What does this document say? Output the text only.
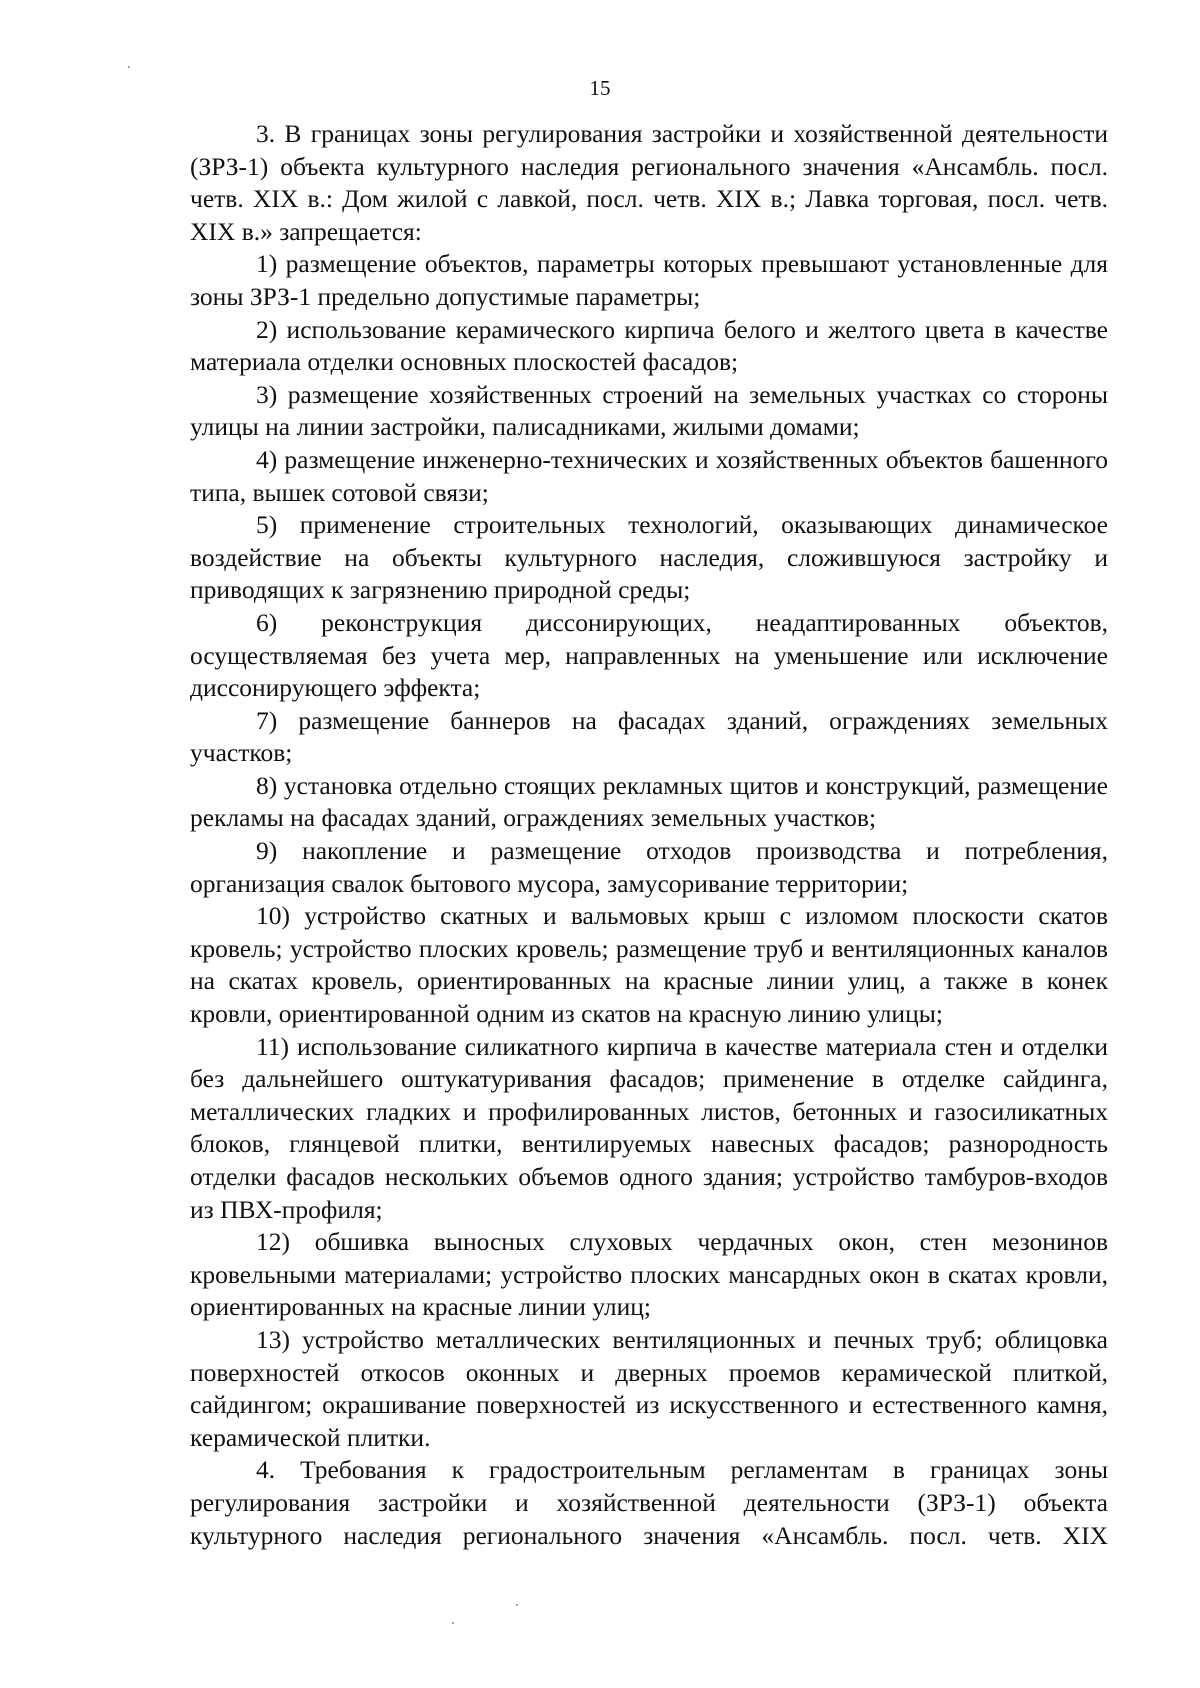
15

3. В границах зоны регулирования застройки и хозяйственной деятельности (ЗРЗ-1) объекта культурного наследия регионального значения «Ансамбль. посл. четв. XIX в.: Дом жилой с лавкой, посл. четв. XIX в.; Лавка торговая, посл. четв. XIX в.» запрещается:

1) размещение объектов, параметры которых превышают установленные для зоны ЗРЗ-1 предельно допустимые параметры;

2) использование керамического кирпича белого и желтого цвета в качестве материала отделки основных плоскостей фасадов;

3) размещение хозяйственных строений на земельных участках со стороны улицы на линии застройки, палисадниками, жилыми домами;

4) размещение инженерно-технических и хозяйственных объектов башенного типа, вышек сотовой связи;

5) применение строительных технологий, оказывающих динамическое воздействие на объекты культурного наследия, сложившуюся застройку и приводящих к загрязнению природной среды;

6) реконструкция диссонирующих, неадаптированных объектов, осуществляемая без учета мер, направленных на уменьшение или исключение диссонирующего эффекта;

7) размещение баннеров на фасадах зданий, ограждениях земельных участков;

8) установка отдельно стоящих рекламных щитов и конструкций, размещение рекламы на фасадах зданий, ограждениях земельных участков;

9) накопление и размещение отходов производства и потребления, организация свалок бытового мусора, замусоривание территории;

10) устройство скатных и вальмовых крыш с изломом плоскости скатов кровель; устройство плоских кровель; размещение труб и вентиляционных каналов на скатах кровель, ориентированных на красные линии улиц, а также в конек кровли, ориентированной одним из скатов на красную линию улицы;

11) использование силикатного кирпича в качестве материала стен и отделки без дальнейшего оштукатуривания фасадов; применение в отделке сайдинга, металлических гладких и профилированных листов, бетонных и газосиликатных блоков, глянцевой плитки, вентилируемых навесных фасадов; разнородность отделки фасадов нескольких объемов одного здания; устройство тамбуров-входов из ПВХ-профиля;

12) обшивка выносных слуховых чердачных окон, стен мезонинов кровельными материалами; устройство плоских мансардных окон в скатах кровли, ориентированных на красные линии улиц;

13) устройство металлических вентиляционных и печных труб; облицовка поверхностей откосов оконных и дверных проемов керамической плиткой, сайдингом; окрашивание поверхностей из искусственного и естественного камня, керамической плитки.

4. Требования к градостроительным регламентам в границах зоны регулирования застройки и хозяйственной деятельности (ЗРЗ-1) объекта культурного наследия регионального значения «Ансамбль. посл. четв. XIX
